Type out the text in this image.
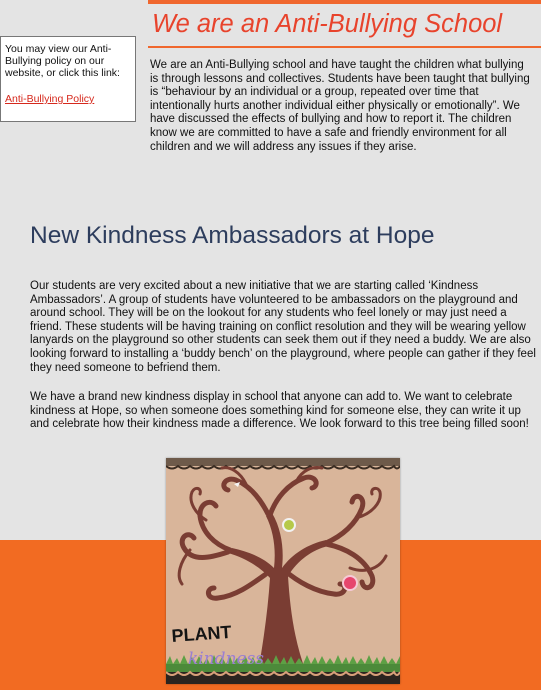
We are an Anti-Bullying School

You may view our Anti-Bullying policy on our website, or click this link:

Anti-Bullying Policy

We are an Anti-Bullying school and have taught the children what bullying is through lessons and collectives. Students have been taught that bullying is “behaviour by an individual or a group, repeated over time that intentionally hurts another individual either physically or emotionally”. We have discussed the effects of bullying and how to report it. The children know we are committed to have a safe and friendly environment for all children and we will address any issues if they arise.

New Kindness Ambassadors at Hope

Our students are very excited about a new initiative that we are starting called ‘Kindness Ambassadors’. A group of students have volunteered to be ambassadors on the playground and around school. They will be on the lookout for any students who feel lonely or may just need a friend. These students will be having training on conflict resolution and they will be wearing yellow lanyards on the playground so other students can seek them out if they need a buddy. We are also looking forward to installing a ‘buddy bench’ on the playground, where people can gather if they feel they need someone to befriend them.

We have a brand new kindness display in school that anyone can add to. We want to celebrate kindness at Hope, so when someone does something kind for someone else, they can write it up and celebrate how their kindness made a difference. We look forward to this tree being filled soon!

PLANT
kindness
